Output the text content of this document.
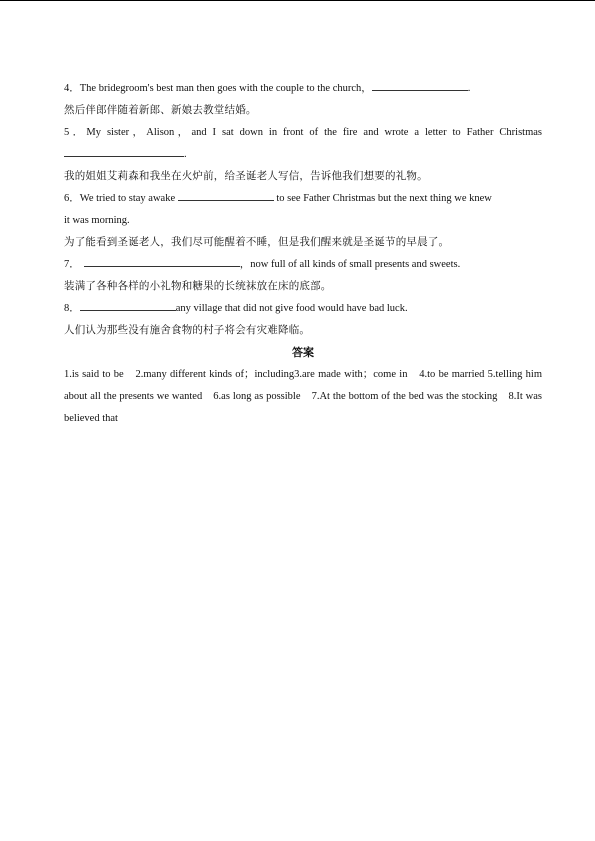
4．The bridegroom's best man then goes with the couple to the church，	.
然后伴郎伴随着新郎、新娘去教堂结婚。
5．My sister，Alison，and I sat down in front of the fire and wrote a letter to Father Christmas
.
我的姐姐艾莉森和我坐在火炉前，给圣诞老人写信，告诉他我们想要的礼物。
6．We tried to stay awake	to see Father Christmas but the next thing we knew
it was morning.
为了能看到圣诞老人，我们尽可能醒着不睡，但是我们醒来就是圣诞节的早晨了。
7．	，now full of all kinds of small presents and sweets.
装满了各种各样的小礼物和糖果的长统袜放在床的底部。
8．	any village that did not give food would have bad luck.
人们认为那些没有施舍食物的村子将会有灾难降临。
答案
1.is said to be　2.many different kinds of；including3.are made with；come in　4.to be married 5.telling him about all the presents we wanted　6.as long as possible　7.At the bottom of the bed was the stocking　8.It was believed that
